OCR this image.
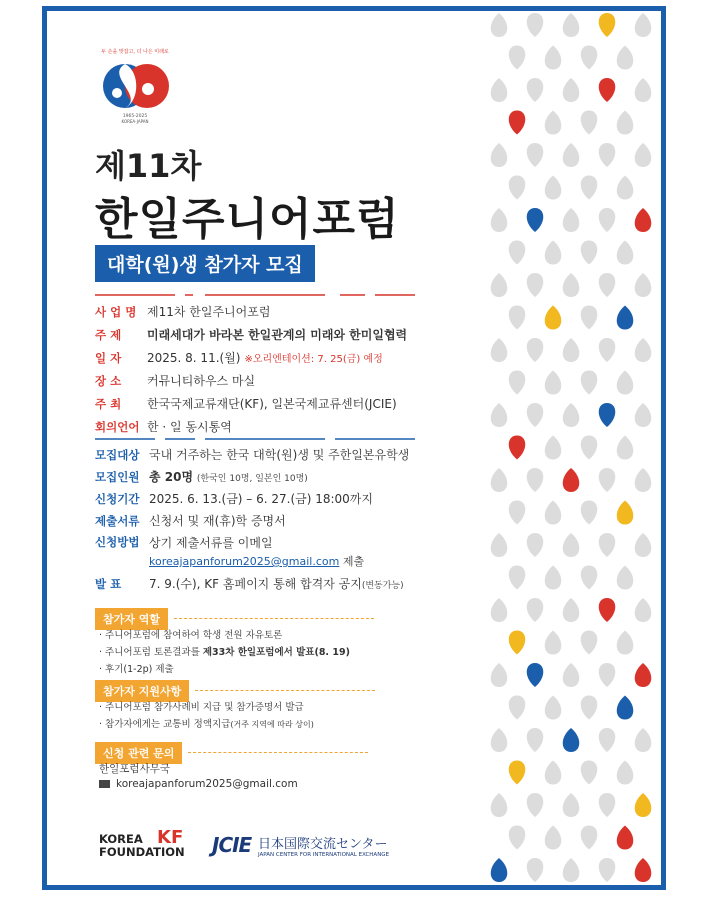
두 손을 맞잡고, 더 나은 미래로
1965-2025
KOREA-JAPAN
제11차
한일주니어포럼
대학(원)생 참가자 모집
사 업 명 제11차 한일주니어포럼
주 제	미래세대가 바라본 한일관계의 미래와 한미일협력
일 자	2025. 8. 11.(월) ※오리엔테이션: 7. 25(금) 예정
장 소	커뮤니티하우스 마실
주 최	한국국제교류재단(KF), 일본국제교류센터(JCIE)
회의언어 한 · 일 동시통역
모집대상 국내 거주하는 한국 대학(원)생 및 주한일본유학생
모집인원 총 20명
(한국인 10명, 일본인 10명)
신청기간 2025. 6. 13.(금) – 6. 27.(금) 18:00까지
제출서류 신청서 및 재(휴)학 증명서
신청방법 상기 제출서류를 이메일
koreajapanforum2025@gmail.com 제출
발 표	7. 9.(수), KF 홈페이지 통해 합격자 공지 (변동가능)
참가자 역할
· 주니어포럼에 참여하여 학생 전원 자유토론
· 주니어포럼 토론결과를 제33차 한일포럼에서 발표(8. 19)
· 후기(1-2p) 제출
참가자 지원사항
· 주니어포럼 참가사례비 지급 및 참가증명서 발급
· 참가자에게는 교통비 정액지급(거주 지역에 따라 상이)
신청 관련 문의
한일포럼사무국
koreajapanforum2025@gmail.com
KOREA
FOUNDATION
KF JCIE 日本国際交流センター
JAPAN CENTER FOR INTERNATIONAL EXCHANGE
